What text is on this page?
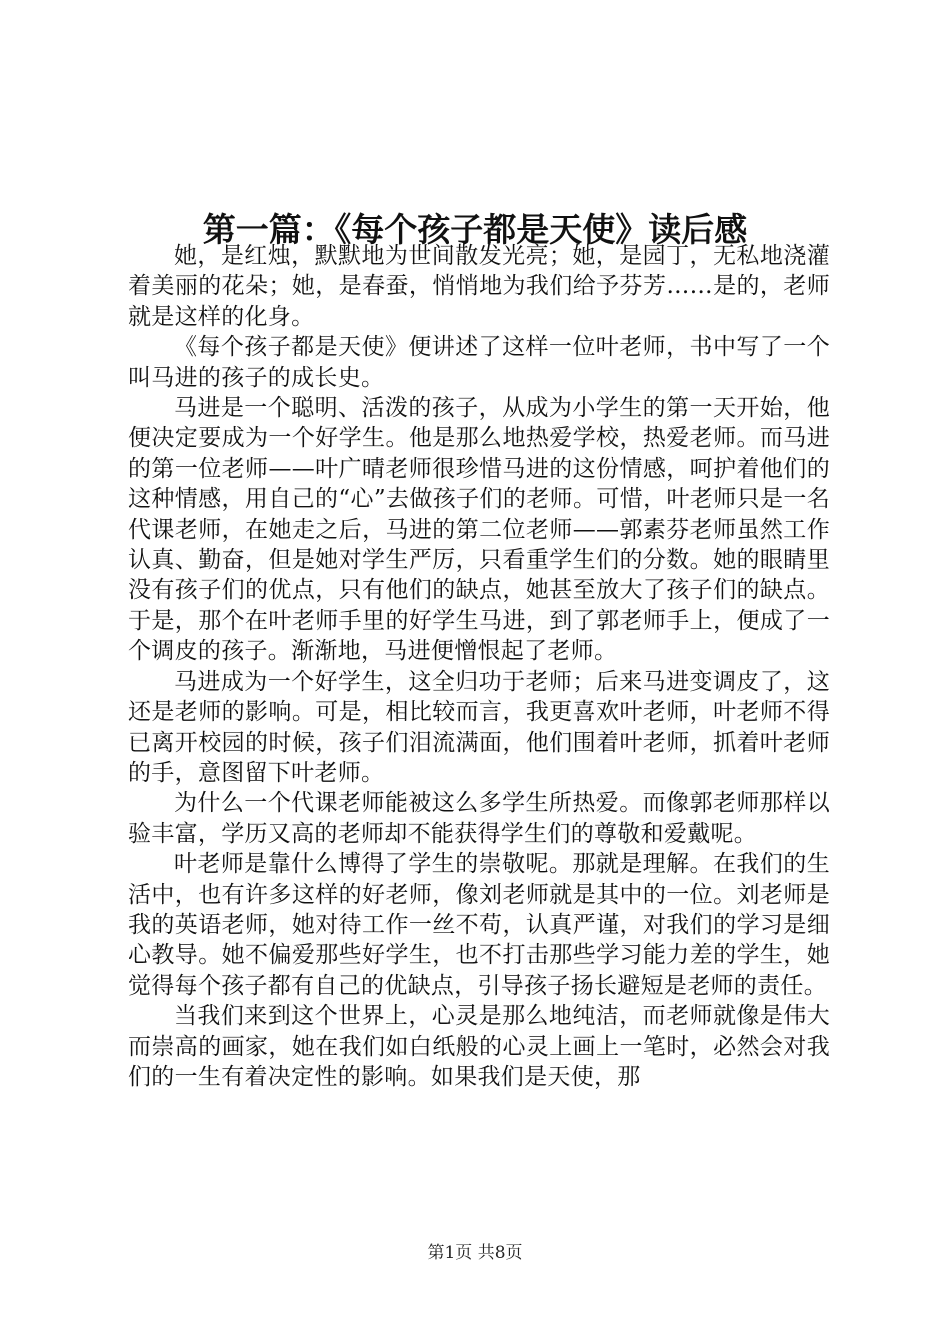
第一篇：《每个孩子都是天使》读后感

她，是红烛，默默地为世间散发光亮；她，是园丁，无私地浇灌着美丽的花朵；她，是春蚕，悄悄地为我们给予芬芳……是的，老师就是这样的化身。

《每个孩子都是天使》便讲述了这样一位叶老师，书中写了一个叫马进的孩子的成长史。

马进是一个聪明、活泼的孩子，从成为小学生的第一天开始，他便决定要成为一个好学生。他是那么地热爱学校，热爱老师。而马进的第一位老师——叶广晴老师很珍惜马进的这份情感，呵护着他们的这种情感，用自己的“心”去做孩子们的老师。可惜，叶老师只是一名代课老师，在她走之后，马进的第二位老师——郭素芬老师虽然工作认真、勤奋，但是她对学生严厉，只看重学生们的分数。她的眼睛里没有孩子们的优点，只有他们的缺点，她甚至放大了孩子们的缺点。于是，那个在叶老师手里的好学生马进，到了郭老师手上，便成了一个调皮的孩子。渐渐地，马进便憎恨起了老师。

马进成为一个好学生，这全归功于老师；后来马进变调皮了，这还是老师的影响。可是，相比较而言，我更喜欢叶老师，叶老师不得已离开校园的时候，孩子们泪流满面，他们围着叶老师，抓着叶老师的手，意图留下叶老师。

为什么一个代课老师能被这么多学生所热爱。而像郭老师那样以验丰富，学历又高的老师却不能获得学生们的尊敬和爱戴呢。

叶老师是靠什么博得了学生的崇敬呢。那就是理解。在我们的生活中，也有许多这样的好老师，像刘老师就是其中的一位。刘老师是我的英语老师，她对待工作一丝不苟，认真严谨，对我们的学习是细心教导。她不偏爱那些好学生，也不打击那些学习能力差的学生，她觉得每个孩子都有自己的优缺点，引导孩子扬长避短是老师的责任。

当我们来到这个世界上，心灵是那么地纯洁，而老师就像是伟大而崇高的画家，她在我们如白纸般的心灵上画上一笔时，必然会对我们的一生有着决定性的影响。如果我们是天使，那

第1页 共8页
